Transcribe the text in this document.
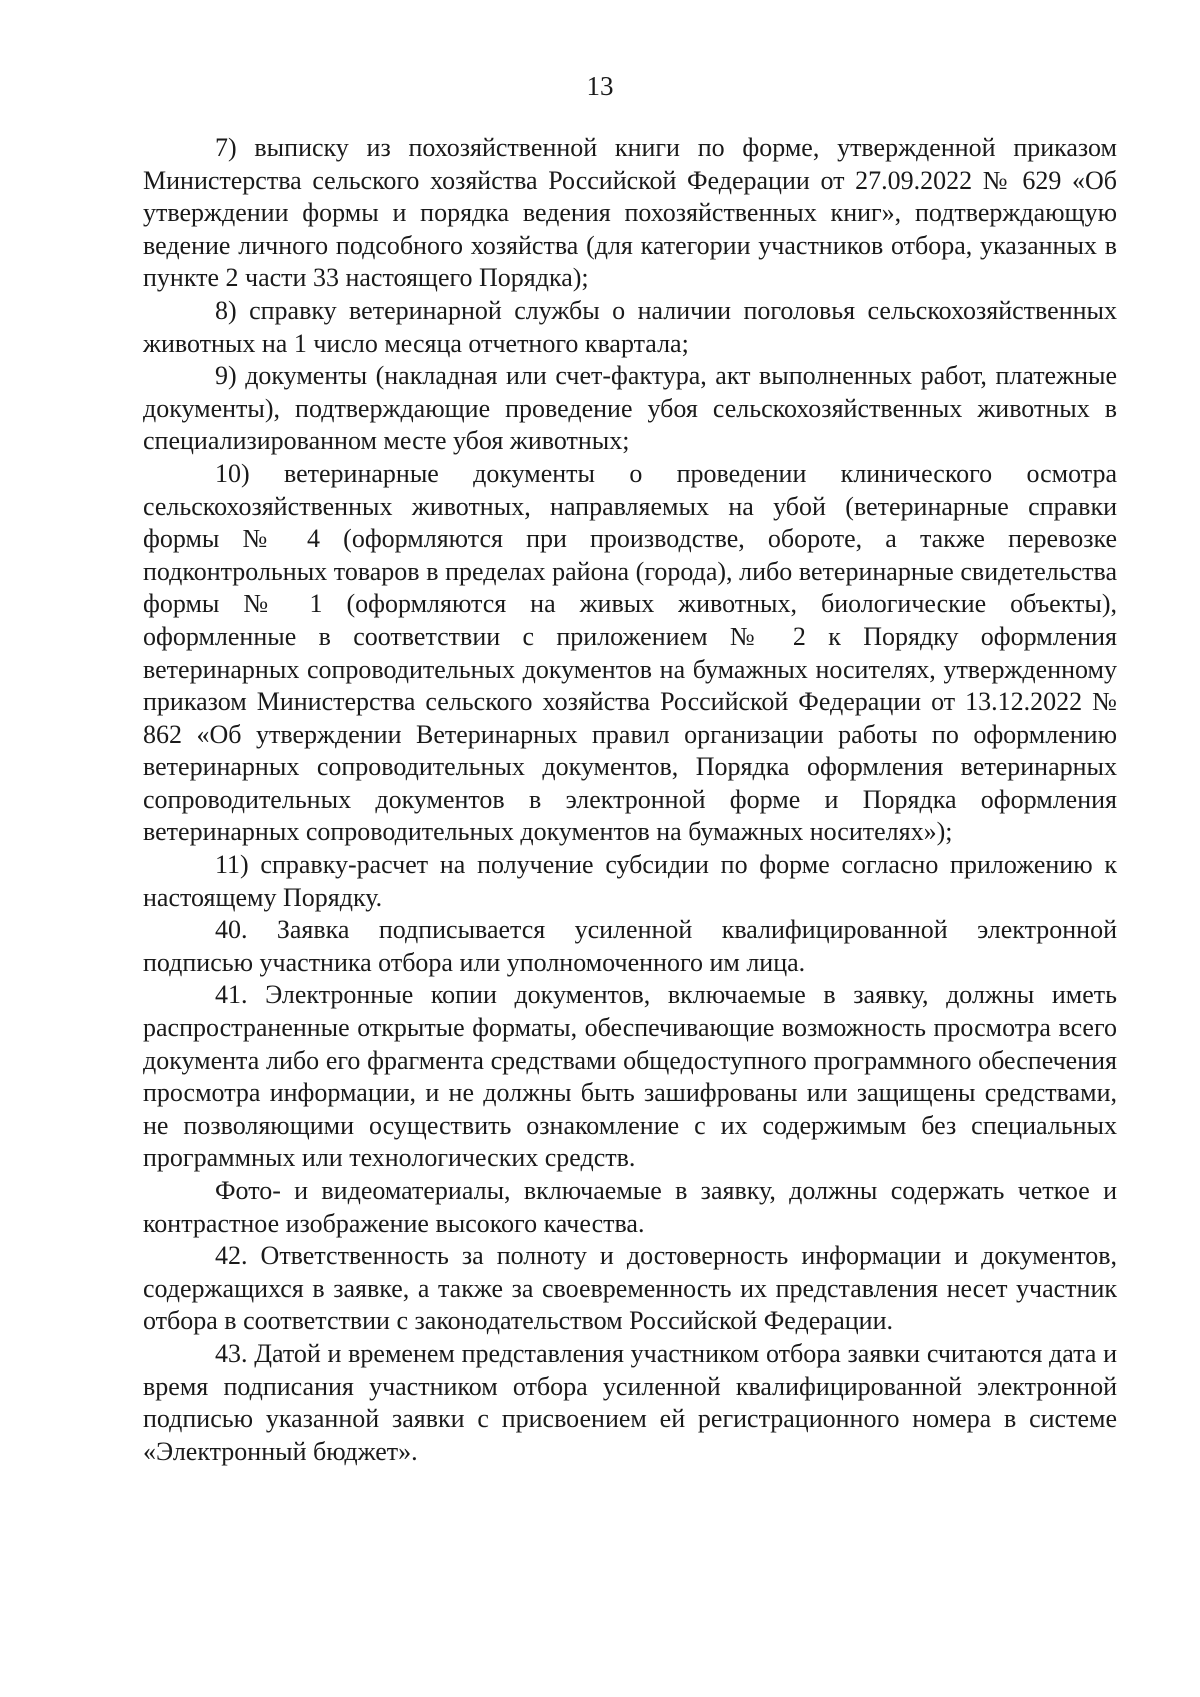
13

7) выписку из похозяйственной книги по форме, утвержденной приказом Министерства сельского хозяйства Российской Федерации от 27.09.2022 № 629 «Об утверждении формы и порядка ведения похозяйственных книг», подтверждающую ведение личного подсобного хозяйства (для категории участников отбора, указанных в пункте 2 части 33 настоящего Порядка);

8) справку ветеринарной службы о наличии поголовья сельскохозяйственных животных на 1 число месяца отчетного квартала;

9) документы (накладная или счет-фактура, акт выполненных работ, платежные документы), подтверждающие проведение убоя сельскохозяйственных животных в специализированном месте убоя животных;

10) ветеринарные документы о проведении клинического осмотра сельскохозяйственных животных, направляемых на убой (ветеринарные справки формы № 4 (оформляются при производстве, обороте, а также перевозке подконтрольных товаров в пределах района (города), либо ветеринарные свидетельства формы № 1 (оформляются на живых животных, биологические объекты), оформленные в соответствии с приложением № 2 к Порядку оформления ветеринарных сопроводительных документов на бумажных носителях, утвержденному приказом Министерства сельского хозяйства Российской Федерации от 13.12.2022 № 862 «Об утверждении Ветеринарных правил организации работы по оформлению ветеринарных сопроводительных документов, Порядка оформления ветеринарных сопроводительных документов в электронной форме и Порядка оформления ветеринарных сопроводительных документов на бумажных носителях»);

11) справку-расчет на получение субсидии по форме согласно приложению к настоящему Порядку.

40. Заявка подписывается усиленной квалифицированной электронной подписью участника отбора или уполномоченного им лица.

41. Электронные копии документов, включаемые в заявку, должны иметь распространенные открытые форматы, обеспечивающие возможность просмотра всего документа либо его фрагмента средствами общедоступного программного обеспечения просмотра информации, и не должны быть зашифрованы или защищены средствами, не позволяющими осуществить ознакомление с их содержимым без специальных программных или технологических средств.

Фото- и видеоматериалы, включаемые в заявку, должны содержать четкое и контрастное изображение высокого качества.

42. Ответственность за полноту и достоверность информации и документов, содержащихся в заявке, а также за своевременность их представления несет участник отбора в соответствии с законодательством Российской Федерации.

43. Датой и временем представления участником отбора заявки считаются дата и время подписания участником отбора усиленной квалифицированной электронной подписью указанной заявки с присвоением ей регистрационного номера в системе «Электронный бюджет».
